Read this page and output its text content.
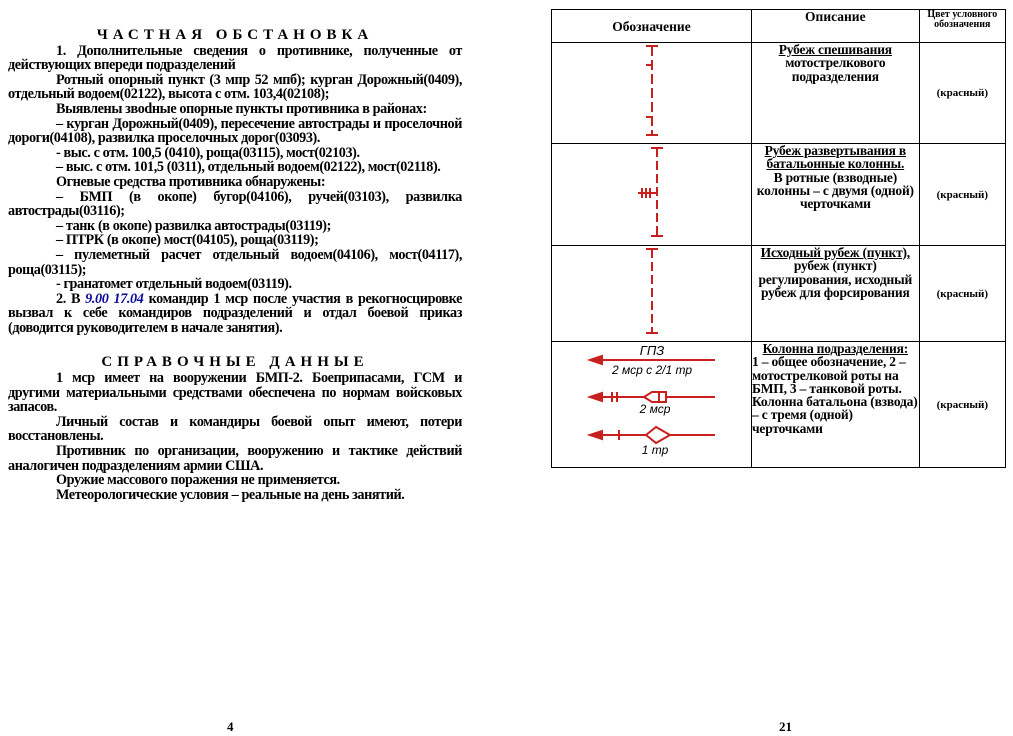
ЧАСТНАЯ ОБСТАНОВКА

1. Дополнительные сведения о противнике, полученные от действующих впереди подразделений

Ротный опорный пункт (3 мпр 52 мпб); курган Дорожный(0409), отдельный водоем(02122), высота с отм. 103,4(02108);

Выявлены звodные опорные пункты противника в районах:

– курган Дорожный(0409), пересечение автострады и проселочной дороги(04108), развилка проселочных дорог(03093).

- выс. с отм. 100,5 (0410), роща(03115), мост(02103).

– выс. с отм. 101,5 (0311), отдельный водоем(02122), мост(02118).

Огневые средства противника обнаружены:

– БМП (в окопе) бугор(04106), ручей(03103), развилка автострады(03116);

– танк (в окопе) развилка автострады(03119);

– ПТРК (в окопе) мост(04105), роща(03119);

– пулеметный расчет отдельный водоем(04106), мост(04117), роща(03115);

- гранатомет отдельный водоем(03119).

2. В 9.00 17.04 командир 1 мср после участия в рекогносцировке вызвал к себе командиров подразделений и отдал боевой приказ (доводится руководителем в начале занятия).

СПРАВОЧНЫЕ ДАННЫЕ

1 мср имеет на вооружении БМП-2. Боеприпасами, ГСМ и другими материальными средствами обеспечена по нормам войсковых запасов.

Личный состав и командиры боевой опыт имеют, потери восстановлены.

Противник по организации, вооружению и тактике действий аналогичен подразделениям армии США.

Оружие массового поражения не применяется.

Метеорологические условия – реальные на день занятий.

4
Обозначение	Описание	Цвет условного обозначения
	Рубеж спешивания
мотострелкового подразделения	(красный)
	Рубеж развертывания в батальонные колонны.
В ротные (взводные) колонны – с двумя (одной) черточками	(красный)
	Исходный рубеж (пункт),
рубеж (пункт) регулирования, исходный рубеж для форсирования	(красный)

ГПЗ
2 мср с 2/1 тр
2 мср
1 тр	Колонна подразделения:

1 – общее обозначение, 2 – мотострелковой роты на БМП, 3 – танковой роты. Колонна батальона (взвода) – с тремя (одной) черточками	(красный)
21
